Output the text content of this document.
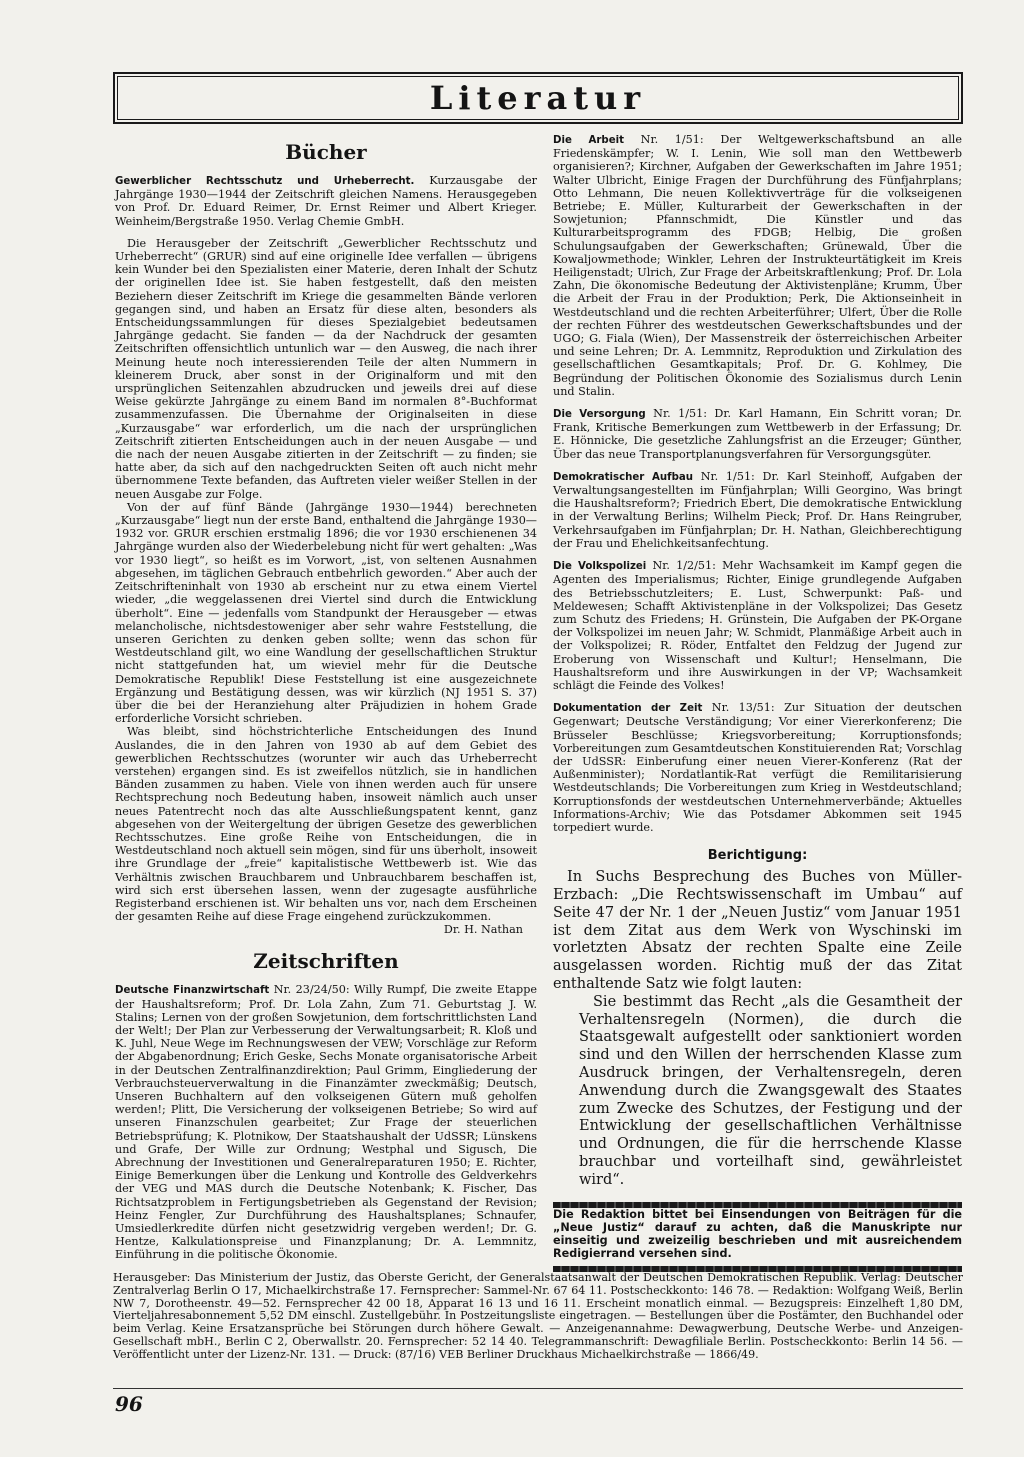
Literatur
Bücher

Gewerblicher Rechtsschutz und Urheberrecht. Kurzausgabe der Jahrgänge 1930—1944 der Zeitschrift gleichen Namens. Herausgegeben von Prof. Dr. Eduard Reimer, Dr. Ernst Reimer und Albert Krieger. Weinheim/Bergstraße 1950. Verlag Chemie GmbH.

Die Herausgeber der Zeitschrift „Gewerblicher Rechtsschutz und Urheberrecht“ (GRUR) sind auf eine originelle Idee verfallen — übrigens kein Wunder bei den Spezialisten einer Materie, deren Inhalt der Schutz der originellen Idee ist. Sie haben festgestellt, daß den meisten Beziehern dieser Zeitschrift im Kriege die gesammelten Bände verloren gegangen sind, und haben an Ersatz für diese alten, besonders als Entscheidungssammlungen für dieses Spezialgebiet bedeutsamen Jahrgänge gedacht. Sie fanden — da der Nachdruck der gesamten Zeitschriften offensichtlich untunlich war — den Ausweg, die nach ihrer Meinung heute noch interessierenden Teile der alten Nummern in kleinerem Druck, aber sonst in der Originalform und mit den ursprünglichen Seitenzahlen abzudrucken und jeweils drei auf diese Weise gekürzte Jahrgänge zu einem Band im normalen 8°-Buchformat zusammenzufassen. Die Übernahme der Originalseiten in diese „Kurzausgabe“ war erforderlich, um die nach der ursprünglichen Zeitschrift zitierten Entscheidungen auch in der neuen Ausgabe — und die nach der neuen Ausgabe zitierten in der Zeitschrift — zu finden; sie hatte aber, da sich auf den nachgedruckten Seiten oft auch nicht mehr übernommene Texte befanden, das Auftreten vieler weißer Stellen in der neuen Ausgabe zur Folge.

Von der auf fünf Bände (Jahrgänge 1930—1944) berechneten „Kurzausgabe“ liegt nun der erste Band, enthaltend die Jahrgänge 1930—1932 vor. GRUR erschien erstmalig 1896; die vor 1930 erschienenen 34 Jahrgänge wurden also der Wiederbelebung nicht für wert gehalten: „Was vor 1930 liegt“, so heißt es im Vorwort, „ist, von seltenen Ausnahmen abgesehen, im täglichen Gebrauch entbehrlich geworden.“ Aber auch der Zeitschrifteninhalt von 1930 ab erscheint nur zu etwa einem Viertel wieder, „die weggelassenen drei Viertel sind durch die Entwicklung überholt“. Eine — jedenfalls vom Standpunkt der Herausgeber — etwas melancholische, nichtsdestoweniger aber sehr wahre Feststellung, die unseren Gerichten zu denken geben sollte; wenn das schon für Westdeutschland gilt, wo eine Wandlung der gesellschaftlichen Struktur nicht stattgefunden hat, um wieviel mehr für die Deutsche Demokratische Republik! Diese Feststellung ist eine ausgezeichnete Ergänzung und Bestätigung dessen, was wir kürzlich (NJ 1951 S. 37) über die bei der Heranziehung alter Präjudizien in hohem Grade erforderliche Vorsicht schrieben.

Was bleibt, sind höchstrichterliche Entscheidungen des Inund Auslandes, die in den Jahren von 1930 ab auf dem Gebiet des gewerblichen Rechtsschutzes (worunter wir auch das Urheberrecht verstehen) ergangen sind. Es ist zweifellos nützlich, sie in handlichen Bänden zusammen zu haben. Viele von ihnen werden auch für unsere Rechtsprechung noch Bedeutung haben, insoweit nämlich auch unser neues Patentrecht noch das alte Ausschließungspatent kennt, ganz abgesehen von der Weitergeltung der übrigen Gesetze des gewerblichen Rechtsschutzes. Eine große Reihe von Entscheidungen, die in Westdeutschland noch aktuell sein mögen, sind für uns überholt, insoweit ihre Grundlage der „freie“ kapitalistische Wettbewerb ist. Wie das Verhältnis zwischen Brauchbarem und Unbrauchbarem beschaffen ist, wird sich erst übersehen lassen, wenn der zugesagte ausführliche Registerband erschienen ist. Wir behalten uns vor, nach dem Erscheinen der gesamten Reihe auf diese Frage eingehend zurückzukommen.
Dr. H. Nathan

Zeitschriften

Deutsche Finanzwirtschaft Nr. 23/24/50: Willy Rumpf, Die zweite Etappe der Haushaltsreform; Prof. Dr. Lola Zahn, Zum 71. Geburtstag J. W. Stalins; Lernen von der großen Sowjetunion, dem fortschrittlichsten Land der Welt!; Der Plan zur Verbesserung der Verwaltungsarbeit; R. Kloß und K. Juhl, Neue Wege im Rechnungswesen der VEW; Vorschläge zur Reform der Abgabenordnung; Erich Geske, Sechs Monate organisatorische Arbeit in der Deutschen Zentralfinanzdirektion; Paul Grimm, Eingliederung der Verbrauchsteuerverwaltung in die Finanzämter zweckmäßig; Deutsch, Unseren Buchhaltern auf den volkseigenen Gütern muß geholfen werden!; Plitt, Die Versicherung der volkseigenen Betriebe; So wird auf unseren Finanzschulen gearbeitet; Zur Frage der steuerlichen Betriebsprüfung; K. Plotnikow, Der Staatshaushalt der UdSSR; Lünskens und Grafe, Der Wille zur Ordnung; Westphal und Sigusch, Die Abrechnung der Investitionen und Generalreparaturen 1950; E. Richter, Einige Bemerkungen über die Lenkung und Kontrolle des Geldverkehrs der VEG und MAS durch die Deutsche Notenbank; K. Fischer, Das Richtsatzproblem in Fertigungsbetrieben als Gegenstand der Revision; Heinz Fengler, Zur Durchführung des Haushaltsplanes; Schnaufer, Umsiedlerkredite dürfen nicht gesetzwidrig vergeben werden!; Dr. G. Hentze, Kalkulationspreise und Finanzplanung; Dr. A. Lemmnitz, Einführung in die politische Ökonomie.

Die Arbeit Nr. 1/51: Der Weltgewerkschaftsbund an alle Friedenskämpfer; W. I. Lenin, Wie soll man den Wettbewerb organisieren?; Kirchner, Aufgaben der Gewerkschaften im Jahre 1951; Walter Ulbricht, Einige Fragen der Durchführung des Fünfjahrplans; Otto Lehmann, Die neuen Kollektivverträge für die volkseigenen Betriebe; E. Müller, Kulturarbeit der Gewerkschaften in der Sowjetunion; Pfannschmidt, Die Künstler und das Kulturarbeitsprogramm des FDGB; Helbig, Die großen Schulungsaufgaben der Gewerkschaften; Grünewald, Über die Kowaljowmethode; Winkler, Lehren der Instrukteurtätigkeit im Kreis Heiligenstadt; Ulrich, Zur Frage der Arbeitskraftlenkung; Prof. Dr. Lola Zahn, Die ökonomische Bedeutung der Aktivistenpläne; Krumm, Über die Arbeit der Frau in der Produktion; Perk, Die Aktionseinheit in Westdeutschland und die rechten Arbeiterführer; Ulfert, Über die Rolle der rechten Führer des westdeutschen Gewerkschaftsbundes und der UGO; G. Fiala (Wien), Der Massenstreik der österreichischen Arbeiter und seine Lehren; Dr. A. Lemmnitz, Reproduktion und Zirkulation des gesellschaftlichen Gesamtkapitals; Prof. Dr. G. Kohlmey, Die Begründung der Politischen Ökonomie des Sozialismus durch Lenin und Stalin.

Die Versorgung Nr. 1/51: Dr. Karl Hamann, Ein Schritt voran; Dr. Frank, Kritische Bemerkungen zum Wettbewerb in der Erfassung; Dr. E. Hönnicke, Die gesetzliche Zahlungsfrist an die Erzeuger; Günther, Über das neue Transportplanungsverfahren für Versorgungsgüter.

Demokratischer Aufbau Nr. 1/51: Dr. Karl Steinhoff, Aufgaben der Verwaltungsangestellten im Fünfjahrplan; Willi Georgino, Was bringt die Haushaltsreform?; Friedrich Ebert, Die demokratische Entwicklung in der Verwaltung Berlins; Wilhelm Pieck; Prof. Dr. Hans Reingruber, Verkehrsaufgaben im Fünfjahrplan; Dr. H. Nathan, Gleichberechtigung der Frau und Ehelichkeitsanfechtung.

Die Volkspolizei Nr. 1/2/51: Mehr Wachsamkeit im Kampf gegen die Agenten des Imperialismus; Richter, Einige grundlegende Aufgaben des Betriebsschutzleiters; E. Lust, Schwerpunkt: Paß- und Meldewesen; Schafft Aktivistenpläne in der Volkspolizei; Das Gesetz zum Schutz des Friedens; H. Grünstein, Die Aufgaben der PK-Organe der Volkspolizei im neuen Jahr; W. Schmidt, Planmäßige Arbeit auch in der Volkspolizei; R. Röder, Entfaltet den Feldzug der Jugend zur Eroberung von Wissenschaft und Kultur!; Henselmann, Die Haushaltsreform und ihre Auswirkungen in der VP; Wachsamkeit schlägt die Feinde des Volkes!

Dokumentation der Zeit Nr. 13/51: Zur Situation der deutschen Gegenwart; Deutsche Verständigung; Vor einer Viererkonferenz; Die Brüsseler Beschlüsse; Kriegsvorbereitung; Korruptionsfonds; Vorbereitungen zum Gesamtdeutschen Konstituierenden Rat; Vorschlag der UdSSR: Einberufung einer neuen Vierer-Konferenz (Rat der Außenminister); Nordatlantik-Rat verfügt die Remilitarisierung Westdeutschlands; Die Vorbereitungen zum Krieg in Westdeutschland; Korruptionsfonds der westdeutschen Unternehmerverbände; Aktuelles Informations-Archiv; Wie das Potsdamer Abkommen seit 1945 torpediert wurde.

Berichtigung:

In Suchs Besprechung des Buches von Müller-Erzbach: „Die Rechtswissenschaft im Umbau“ auf Seite 47 der Nr. 1 der „Neuen Justiz“ vom Januar 1951 ist dem Zitat aus dem Werk von Wyschinski im vorletzten Absatz der rechten Spalte eine Zeile ausgelassen worden. Richtig muß der das Zitat enthaltende Satz wie folgt lauten:

Sie bestimmt das Recht „als die Gesamtheit der Verhaltensregeln (Normen), die durch die Staatsgewalt aufgestellt oder sanktioniert worden sind und den Willen der herrschenden Klasse zum Ausdruck bringen, der Verhaltensregeln, deren Anwendung durch die Zwangsgewalt des Staates zum Zwecke des Schutzes, der Festigung und der Entwicklung der gesellschaftlichen Verhältnisse und Ordnungen, die für die herrschende Klasse brauchbar und vorteilhaft sind, gewährleistet wird“.

Die Redaktion bittet bei Einsendungen von Beiträgen für die „Neue Justiz“ darauf zu achten, daß die Manuskripte nur einseitig und zweizeilig beschrieben und mit ausreichendem Redigierrand versehen sind.

Herausgeber: Das Ministerium der Justiz, das Oberste Gericht, der Generalstaatsanwalt der Deutschen Demokratischen Republik. Verlag: Deutscher Zentralverlag Berlin O 17, Michaelkirchstraße 17. Fernsprecher: Sammel-Nr. 67 64 11. Postscheckkonto: 146 78. — Redaktion: Wolfgang Weiß, Berlin NW 7, Dorotheenstr. 49—52. Fernsprecher 42 00 18, Apparat 16 13 und 16 11. Erscheint monatlich einmal. — Bezugspreis: Einzelheft 1,80 DM, Vierteljahresabonnement 5,52 DM einschl. Zustellgebühr. In Postzeitungsliste eingetragen. — Bestellungen über die Postämter, den Buchhandel oder beim Verlag. Keine Ersatzansprüche bei Störungen durch höhere Gewalt. — Anzeigenannahme: Dewagwerbung, Deutsche Werbe- und Anzeigen-Gesellschaft mbH., Berlin C 2, Oberwallstr. 20. Fernsprecher: 52 14 40. Telegrammanschrift: Dewagfiliale Berlin. Postscheckkonto: Berlin 14 56. — Veröffentlicht unter der Lizenz-Nr. 131. — Druck: (87/16) VEB Berliner Druckhaus Michaelkirchstraße — 1866/49.
96
